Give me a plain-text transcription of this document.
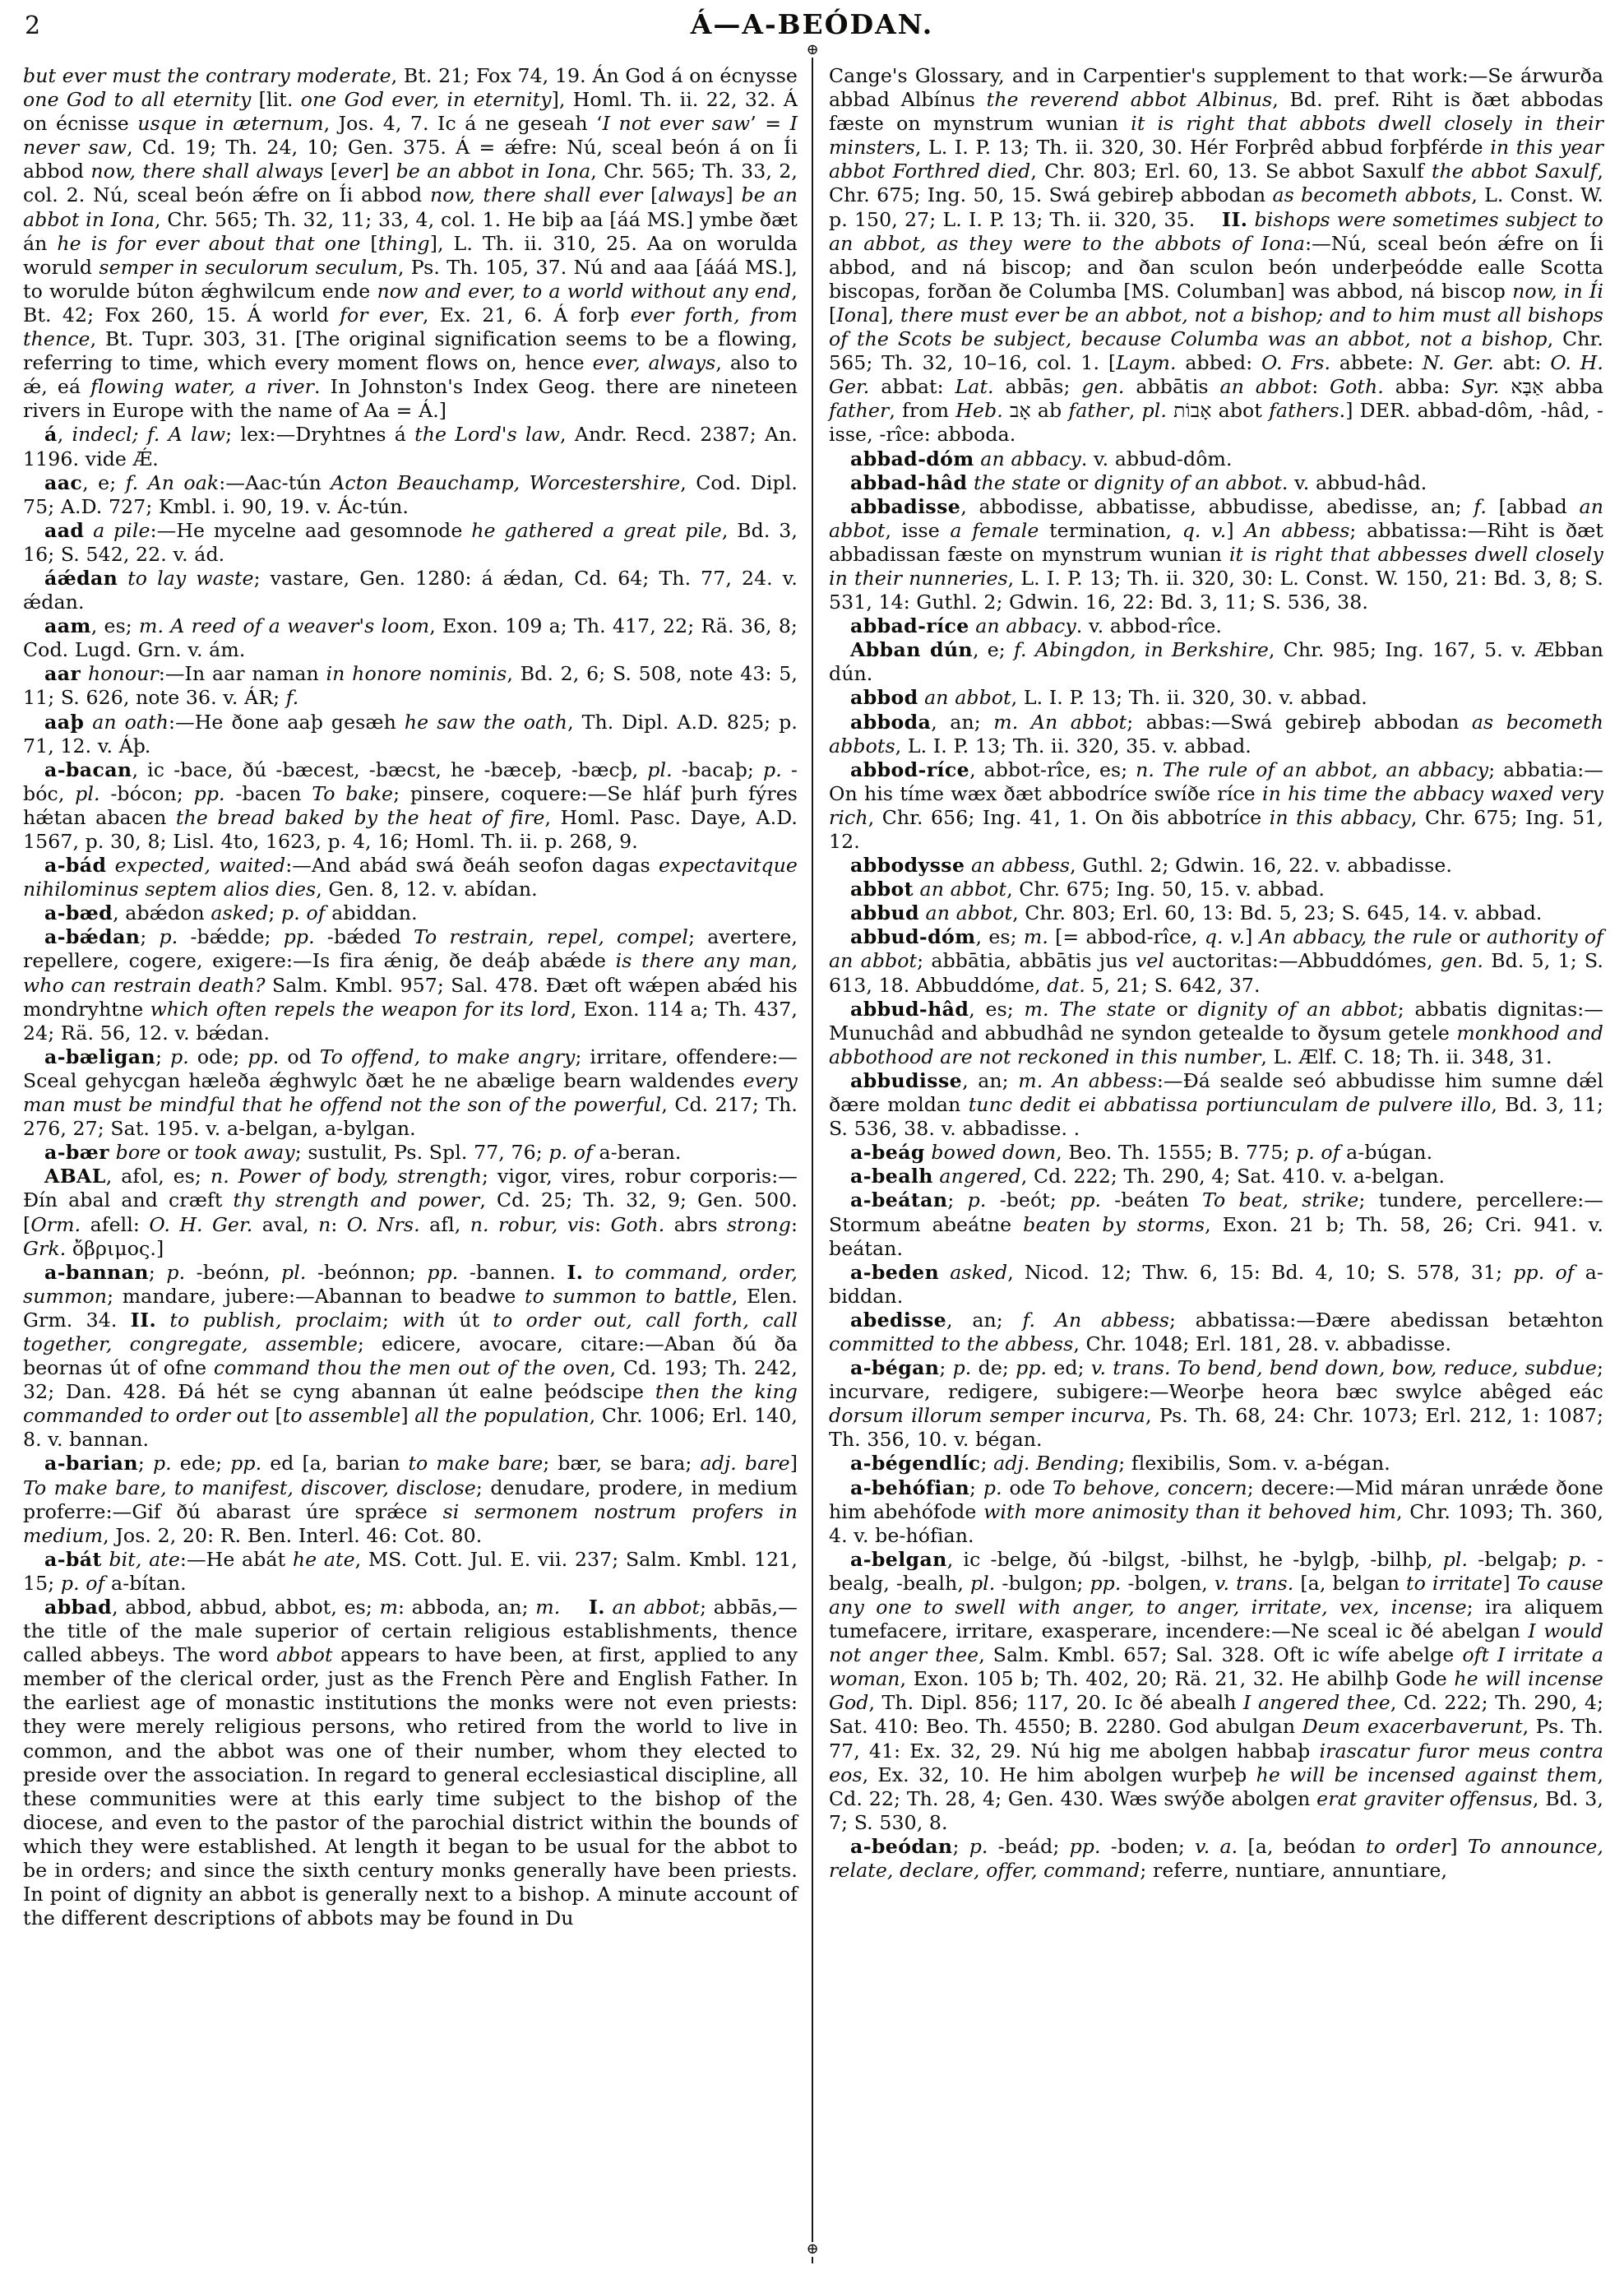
2	Á—A-BEÓDAN.
⊕
⊕

but ever must the contrary moderate, Bt. 21; Fox 74, 19. Án God á on écnysse one God to all eternity [lit. one God ever, in eternity], Homl. Th. ii. 22, 32. Á on écnisse usque in æternum, Jos. 4, 7. Ic á ne geseah ‘I not ever saw’ = I never saw, Cd. 19; Th. 24, 10; Gen. 375. Á = ǽfre: Nú, sceal beón á on Íi abbod now, there shall always [ever] be an abbot in Iona, Chr. 565; Th. 33, 2, col. 2. Nú, sceal beón ǽfre on Íi abbod now, there shall ever [always] be an abbot in Iona, Chr. 565; Th. 32, 11; 33, 4, col. 1. He biþ aa [áá MS.] ymbe ðæt án he is for ever about that one [thing], L. Th. ii. 310, 25. Aa on worulda woruld semper in seculorum seculum, Ps. Th. 105, 37. Nú and aaa [ááá MS.], to worulde búton ǽghwilcum ende now and ever, to a world without any end, Bt. 42; Fox 260, 15. Á world for ever, Ex. 21, 6. Á forþ ever forth, from thence, Bt. Tupr. 303, 31. [The original signification seems to be a flowing, referring to time, which every moment flows on, hence ever, always, also to ǽ, eá flowing water, a river. In Johnston's Index Geog. there are nineteen rivers in Europe with the name of Aa = Á.]

á, indecl; f. A law; lex:—Dryhtnes á the Lord's law, Andr. Recd. 2387; An. 1196. vide Ǽ.

aac, e; f. An oak:—Aac-tún Acton Beauchamp, Worcestershire, Cod. Dipl. 75; A.D. 727; Kmbl. i. 90, 19. v. Ác-tún.

aad a pile:—He mycelne aad gesomnode he gathered a great pile, Bd. 3, 16; S. 542, 22. v. ád.

áǽdan to lay waste; vastare, Gen. 1280: á ǽdan, Cd. 64; Th. 77, 24. v. ǽdan.

aam, es; m. A reed of a weaver's loom, Exon. 109 a; Th. 417, 22; Rä. 36, 8; Cod. Lugd. Grn. v. ám.

aar honour:—In aar naman in honore nominis, Bd. 2, 6; S. 508, note 43: 5, 11; S. 626, note 36. v. ÁR; f.

aaþ an oath:—He ðone aaþ gesæh he saw the oath, Th. Dipl. A.D. 825; p. 71, 12. v. Áþ.

a-bacan, ic -bace, ðú -bæcest, -bæcst, he -bæceþ, -bæcþ, pl. -bacaþ; p. -bóc, pl. -bócon; pp. -bacen To bake; pinsere, coquere:—Se hláf þurh fýres hǽtan abacen the bread baked by the heat of fire, Homl. Pasc. Daye, A.D. 1567, p. 30, 8; Lisl. 4to, 1623, p. 4, 16; Homl. Th. ii. p. 268, 9.

a-bád expected, waited:—And abád swá ðeáh seofon dagas expectavitque nihilominus septem alios dies, Gen. 8, 12. v. abídan.

a-bæd, abǽdon asked; p. of abiddan.

a-bǽdan; p. -bǽdde; pp. -bǽded To restrain, repel, compel; avertere, repellere, cogere, exigere:—Is fira ǽnig, ðe deáþ abǽde is there any man, who can restrain death? Salm. Kmbl. 957; Sal. 478. Ðæt oft wǽpen abǽd his mondryhtne which often repels the weapon for its lord, Exon. 114 a; Th. 437, 24; Rä. 56, 12. v. bǽdan.

a-bæligan; p. ode; pp. od To offend, to make angry; irritare, offendere:—Sceal gehycgan hæleða ǽghwylc ðæt he ne abælige bearn waldendes every man must be mindful that he offend not the son of the powerful, Cd. 217; Th. 276, 27; Sat. 195. v. a-belgan, a-bylgan.

a-bær bore or took away; sustulit, Ps. Spl. 77, 76; p. of a-beran.

ABAL, afol, es; n. Power of body, strength; vigor, vires, robur corporis:—Ðín abal and cræft thy strength and power, Cd. 25; Th. 32, 9; Gen. 500. [Orm. afell: O. H. Ger. aval, n: O. Nrs. afl, n. robur, vis: Goth. abrs strong: Grk. ὄβριμος.]

a-bannan; p. -beónn, pl. -beónnon; pp. -bannen. I. to command, order, summon; mandare, jubere:—Abannan to beadwe to summon to battle, Elen. Grm. 34. II. to publish, proclaim; with út to order out, call forth, call together, congregate, assemble; edicere, avocare, citare:—Aban ðú ða beornas út of ofne command thou the men out of the oven, Cd. 193; Th. 242, 32; Dan. 428. Ðá hét se cyng abannan út ealne þeódscipe then the king commanded to order out [to assemble] all the population, Chr. 1006; Erl. 140, 8. v. bannan.

a-barian; p. ede; pp. ed [a, barian to make bare; bær, se bara; adj. bare] To make bare, to manifest, discover, disclose; denudare, prodere, in medium proferre:—Gif ðú abarast úre sprǽce si sermonem nostrum profers in medium, Jos. 2, 20: R. Ben. Interl. 46: Cot. 80.

a-bát bit, ate:—He abát he ate, MS. Cott. Jul. E. vii. 237; Salm. Kmbl. 121, 15; p. of a-bítan.

abbad, abbod, abbud, abbot, es; m: abboda, an; m. I. an abbot; abbās,—the title of the male superior of certain religious establishments, thence called abbeys. The word abbot appears to have been, at first, applied to any member of the clerical order, just as the French Père and English Father. In the earliest age of monastic institutions the monks were not even priests: they were merely religious persons, who retired from the world to live in common, and the abbot was one of their number, whom they elected to preside over the association. In regard to general ecclesiastical discipline, all these communities were at this early time subject to the bishop of the diocese, and even to the pastor of the parochial district within the bounds of which they were established. At length it began to be usual for the abbot to be in orders; and since the sixth century monks generally have been priests. In point of dignity an abbot is generally next to a bishop. A minute account of the different descriptions of abbots may be found in Du

Cange's Glossary, and in Carpentier's supplement to that work:—Se árwurða abbad Albínus the reverend abbot Albinus, Bd. pref. Riht is ðæt abbodas fæste on mynstrum wunian it is right that abbots dwell closely in their minsters, L. I. P. 13; Th. ii. 320, 30. Hér Forþrêd abbud forþférde in this year abbot Forthred died, Chr. 803; Erl. 60, 13. Se abbot Saxulf the abbot Saxulf, Chr. 675; Ing. 50, 15. Swá gebireþ abbodan as becometh abbots, L. Const. W. p. 150, 27; L. I. P. 13; Th. ii. 320, 35.    II. bishops were sometimes subject to an abbot, as they were to the abbots of Iona:—Nú, sceal beón ǽfre on Íi abbod, and ná biscop; and ðan sculon beón underþeódde ealle Scotta biscopas, forðan ðe Columba [MS. Columban] was abbod, ná biscop now, in Íi [Iona], there must ever be an abbot, not a bishop; and to him must all bishops of the Scots be subject, because Columba was an abbot, not a bishop, Chr. 565; Th. 32, 10–16, col. 1. [Laym. abbed: O. Frs. abbete: N. Ger. abt: O. H. Ger. abbat: Lat. abbās; gen. abbātis an abbot: Goth. abba: Syr. אַבָּא abba father, from Heb. אָב ab father, pl. אָבוֹת abot fathers.] DER. abbad-dôm, -hâd, -isse, -rîce: abboda.

abbad-dóm an abbacy. v. abbud-dôm.

abbad-hâd the state or dignity of an abbot. v. abbud-hâd.

abbadisse, abbodisse, abbatisse, abbudisse, abedisse, an; f. [abbad an abbot, isse a female termination, q. v.] An abbess; abbatissa:—Riht is ðæt abbadissan fæste on mynstrum wunian it is right that abbesses dwell closely in their nunneries, L. I. P. 13; Th. ii. 320, 30: L. Const. W. 150, 21: Bd. 3, 8; S. 531, 14: Guthl. 2; Gdwin. 16, 22: Bd. 3, 11; S. 536, 38.

abbad-ríce an abbacy. v. abbod-rîce.

Abban dún, e; f. Abingdon, in Berkshire, Chr. 985; Ing. 167, 5. v. Æbban dún.

abbod an abbot, L. I. P. 13; Th. ii. 320, 30. v. abbad.

abboda, an; m. An abbot; abbas:—Swá gebireþ abbodan as becometh abbots, L. I. P. 13; Th. ii. 320, 35. v. abbad.

abbod-ríce, abbot-rîce, es; n. The rule of an abbot, an abbacy; abbatia:—On his tíme wæx ðæt abbodríce swíðe ríce in his time the abbacy waxed very rich, Chr. 656; Ing. 41, 1. On ðis abbotríce in this abbacy, Chr. 675; Ing. 51, 12.

abbodysse an abbess, Guthl. 2; Gdwin. 16, 22. v. abbadisse.

abbot an abbot, Chr. 675; Ing. 50, 15. v. abbad.

abbud an abbot, Chr. 803; Erl. 60, 13: Bd. 5, 23; S. 645, 14. v. abbad.

abbud-dóm, es; m. [= abbod-rîce, q. v.] An abbacy, the rule or authority of an abbot; abbātia, abbātis jus vel auctoritas:—Abbuddómes, gen. Bd. 5, 1; S. 613, 18. Abbuddóme, dat. 5, 21; S. 642, 37.

abbud-hâd, es; m. The state or dignity of an abbot; abbatis dignitas:—Munuchâd and abbudhâd ne syndon getealde to ðysum getele monkhood and abbothood are not reckoned in this number, L. Ælf. C. 18; Th. ii. 348, 31.

abbudisse, an; m. An abbess:—Ðá sealde seó abbudisse him sumne dǽl ðære moldan tunc dedit ei abbatissa portiunculam de pulvere illo, Bd. 3, 11; S. 536, 38. v. abbadisse. .

a-beág bowed down, Beo. Th. 1555; B. 775; p. of a-búgan.

a-bealh angered, Cd. 222; Th. 290, 4; Sat. 410. v. a-belgan.

a-beátan; p. -beót; pp. -beáten To beat, strike; tundere, percellere:—Stormum abeátne beaten by storms, Exon. 21 b; Th. 58, 26; Cri. 941. v. beátan.

a-beden asked, Nicod. 12; Thw. 6, 15: Bd. 4, 10; S. 578, 31; pp. of a-biddan.

abedisse, an; f. An abbess; abbatissa:—Ðære abedissan betæhton committed to the abbess, Chr. 1048; Erl. 181, 28. v. abbadisse.

a-bégan; p. de; pp. ed; v. trans. To bend, bend down, bow, reduce, subdue; incurvare, redigere, subigere:—Weorþe heora bæc swylce abêged eác dorsum illorum semper incurva, Ps. Th. 68, 24: Chr. 1073; Erl. 212, 1: 1087; Th. 356, 10. v. bégan.

a-bégendlíc; adj. Bending; flexibilis, Som. v. a-bégan.

a-behófian; p. ode To behove, concern; decere:—Mid máran unrǽde ðone him abehófode with more animosity than it behoved him, Chr. 1093; Th. 360, 4. v. be-hófian.

a-belgan, ic -belge, ðú -bilgst, -bilhst, he -bylgþ, -bilhþ, pl. -belgaþ; p. -bealg, -bealh, pl. -bulgon; pp. -bolgen, v. trans. [a, belgan to irritate] To cause any one to swell with anger, to anger, irritate, vex, incense; ira aliquem tumefacere, irritare, exasperare, incendere:—Ne sceal ic ðé abelgan I would not anger thee, Salm. Kmbl. 657; Sal. 328. Oft ic wífe abelge oft I irritate a woman, Exon. 105 b; Th. 402, 20; Rä. 21, 32. He abilhþ Gode he will incense God, Th. Dipl. 856; 117, 20. Ic ðé abealh I angered thee, Cd. 222; Th. 290, 4; Sat. 410: Beo. Th. 4550; B. 2280. God abulgan Deum exacerbaverunt, Ps. Th. 77, 41: Ex. 32, 29. Nú hig me abolgen habbaþ irascatur furor meus contra eos, Ex. 32, 10. He him abolgen wurþeþ he will be incensed against them, Cd. 22; Th. 28, 4; Gen. 430. Wæs swýðe abolgen erat graviter offensus, Bd. 3, 7; S. 530, 8.

a-beódan; p. -beád; pp. -boden; v. a. [a, beódan to order] To announce, relate, declare, offer, command; referre, nuntiare, annuntiare,
